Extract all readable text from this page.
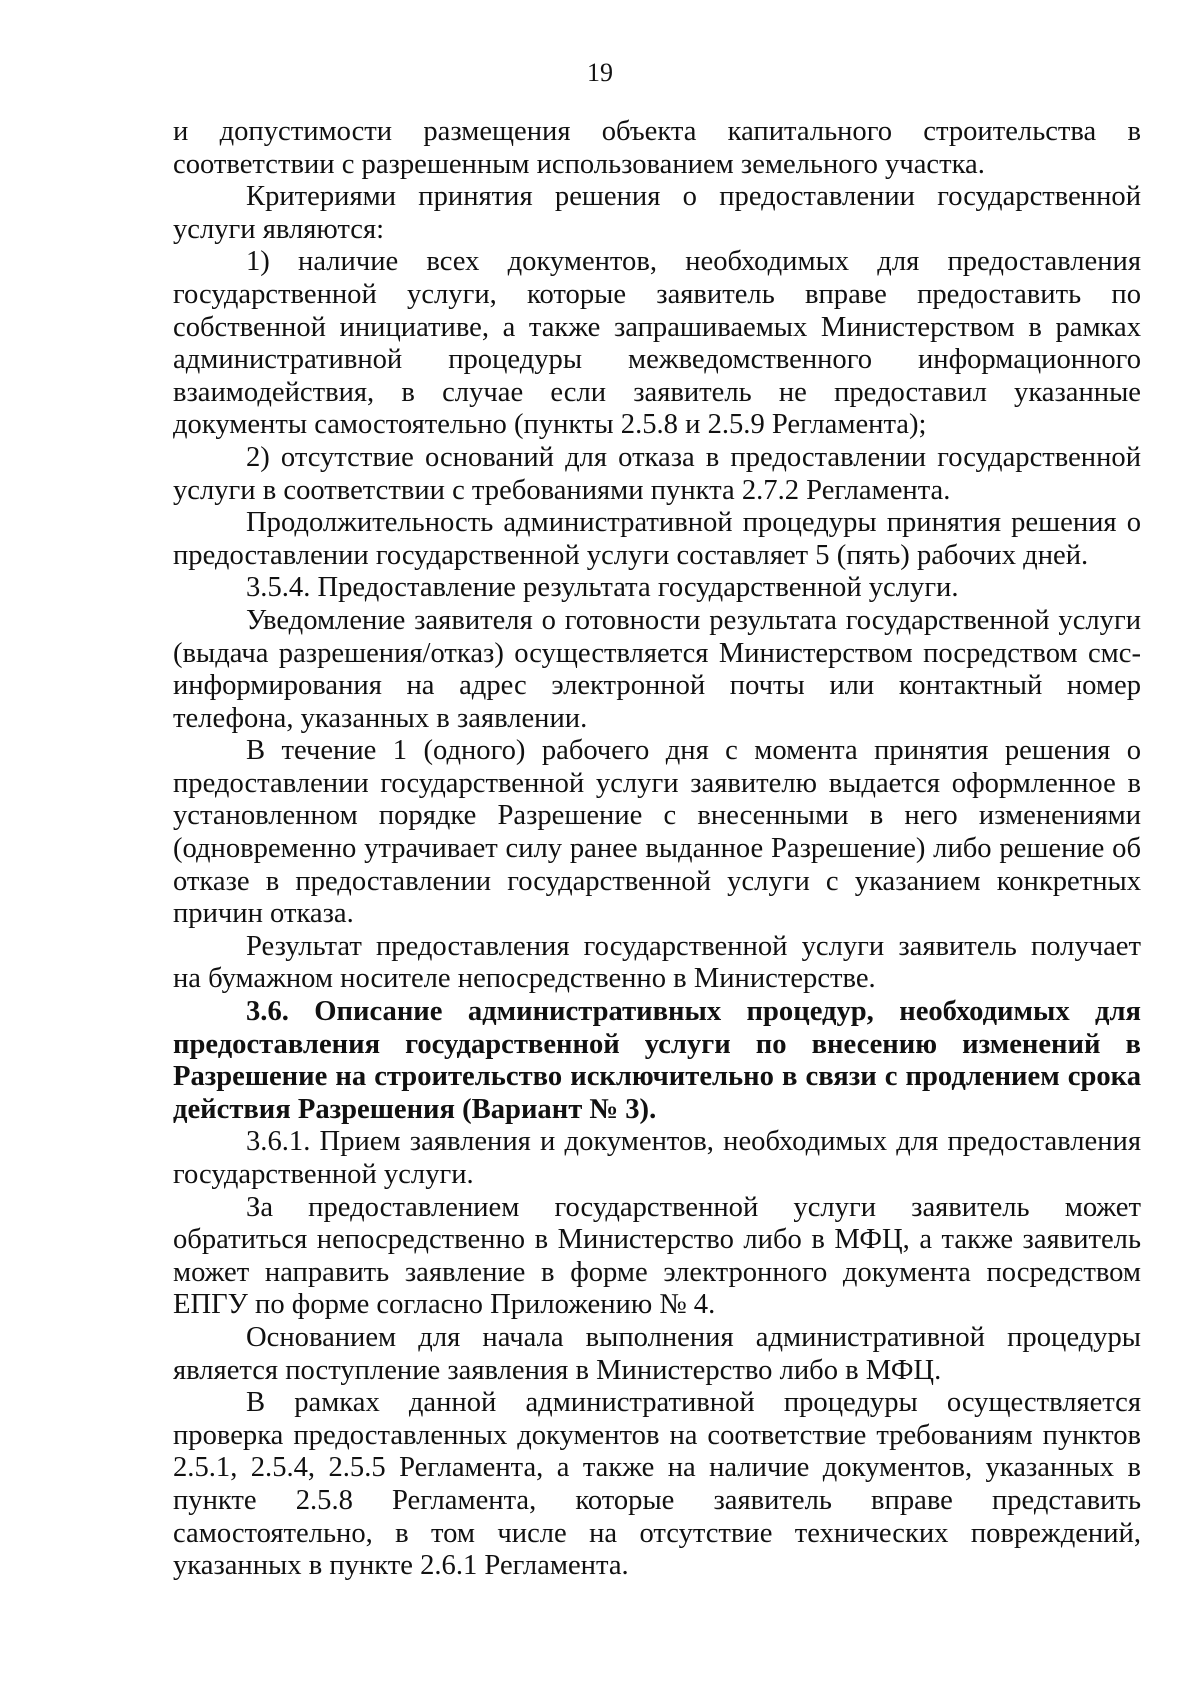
19

и допустимости размещения объекта капитального строительства в соответствии с разрешенным использованием земельного участка.

Критериями принятия решения о предоставлении государственной услуги являются:

1) наличие всех документов, необходимых для предоставления государственной услуги, которые заявитель вправе предоставить по собственной инициативе, а также запрашиваемых Министерством в рамках административной процедуры межведомственного информационного взаимодействия, в случае если заявитель не предоставил указанные документы самостоятельно (пункты 2.5.8 и 2.5.9 Регламента);

2) отсутствие оснований для отказа в предоставлении государственной услуги в соответствии с требованиями пункта 2.7.2 Регламента.

Продолжительность административной процедуры принятия решения о предоставлении государственной услуги составляет 5 (пять) рабочих дней.

3.5.4. Предоставление результата государственной услуги.

Уведомление заявителя о готовности результата государственной услуги (выдача разрешения/отказ) осуществляется Министерством посредством смс-информирования на адрес электронной почты или контактный номер телефона, указанных в заявлении.

В течение 1 (одного) рабочего дня с момента принятия решения о предоставлении государственной услуги заявителю выдается оформленное в установленном порядке Разрешение с внесенными в него изменениями (одновременно утрачивает силу ранее выданное Разрешение) либо решение об отказе в предоставлении государственной услуги с указанием конкретных причин отказа.

Результат предоставления государственной услуги заявитель получает на бумажном носителе непосредственно в Министерстве.

3.6. Описание административных процедур, необходимых для предоставления государственной услуги по внесению изменений в Разрешение на строительство исключительно в связи с продлением срока действия Разрешения (Вариант № 3).

3.6.1. Прием заявления и документов, необходимых для предоставления государственной услуги.

За предоставлением государственной услуги заявитель может обратиться непосредственно в Министерство либо в МФЦ, а также заявитель может направить заявление в форме электронного документа посредством ЕПГУ по форме согласно Приложению № 4.

Основанием для начала выполнения административной процедуры является поступление заявления в Министерство либо в МФЦ.

В рамках данной административной процедуры осуществляется проверка предоставленных документов на соответствие требованиям пунктов 2.5.1, 2.5.4, 2.5.5 Регламента, а также на наличие документов, указанных в пункте 2.5.8 Регламента, которые заявитель вправе представить самостоятельно, в том числе на отсутствие технических повреждений, указанных в пункте 2.6.1 Регламента.
